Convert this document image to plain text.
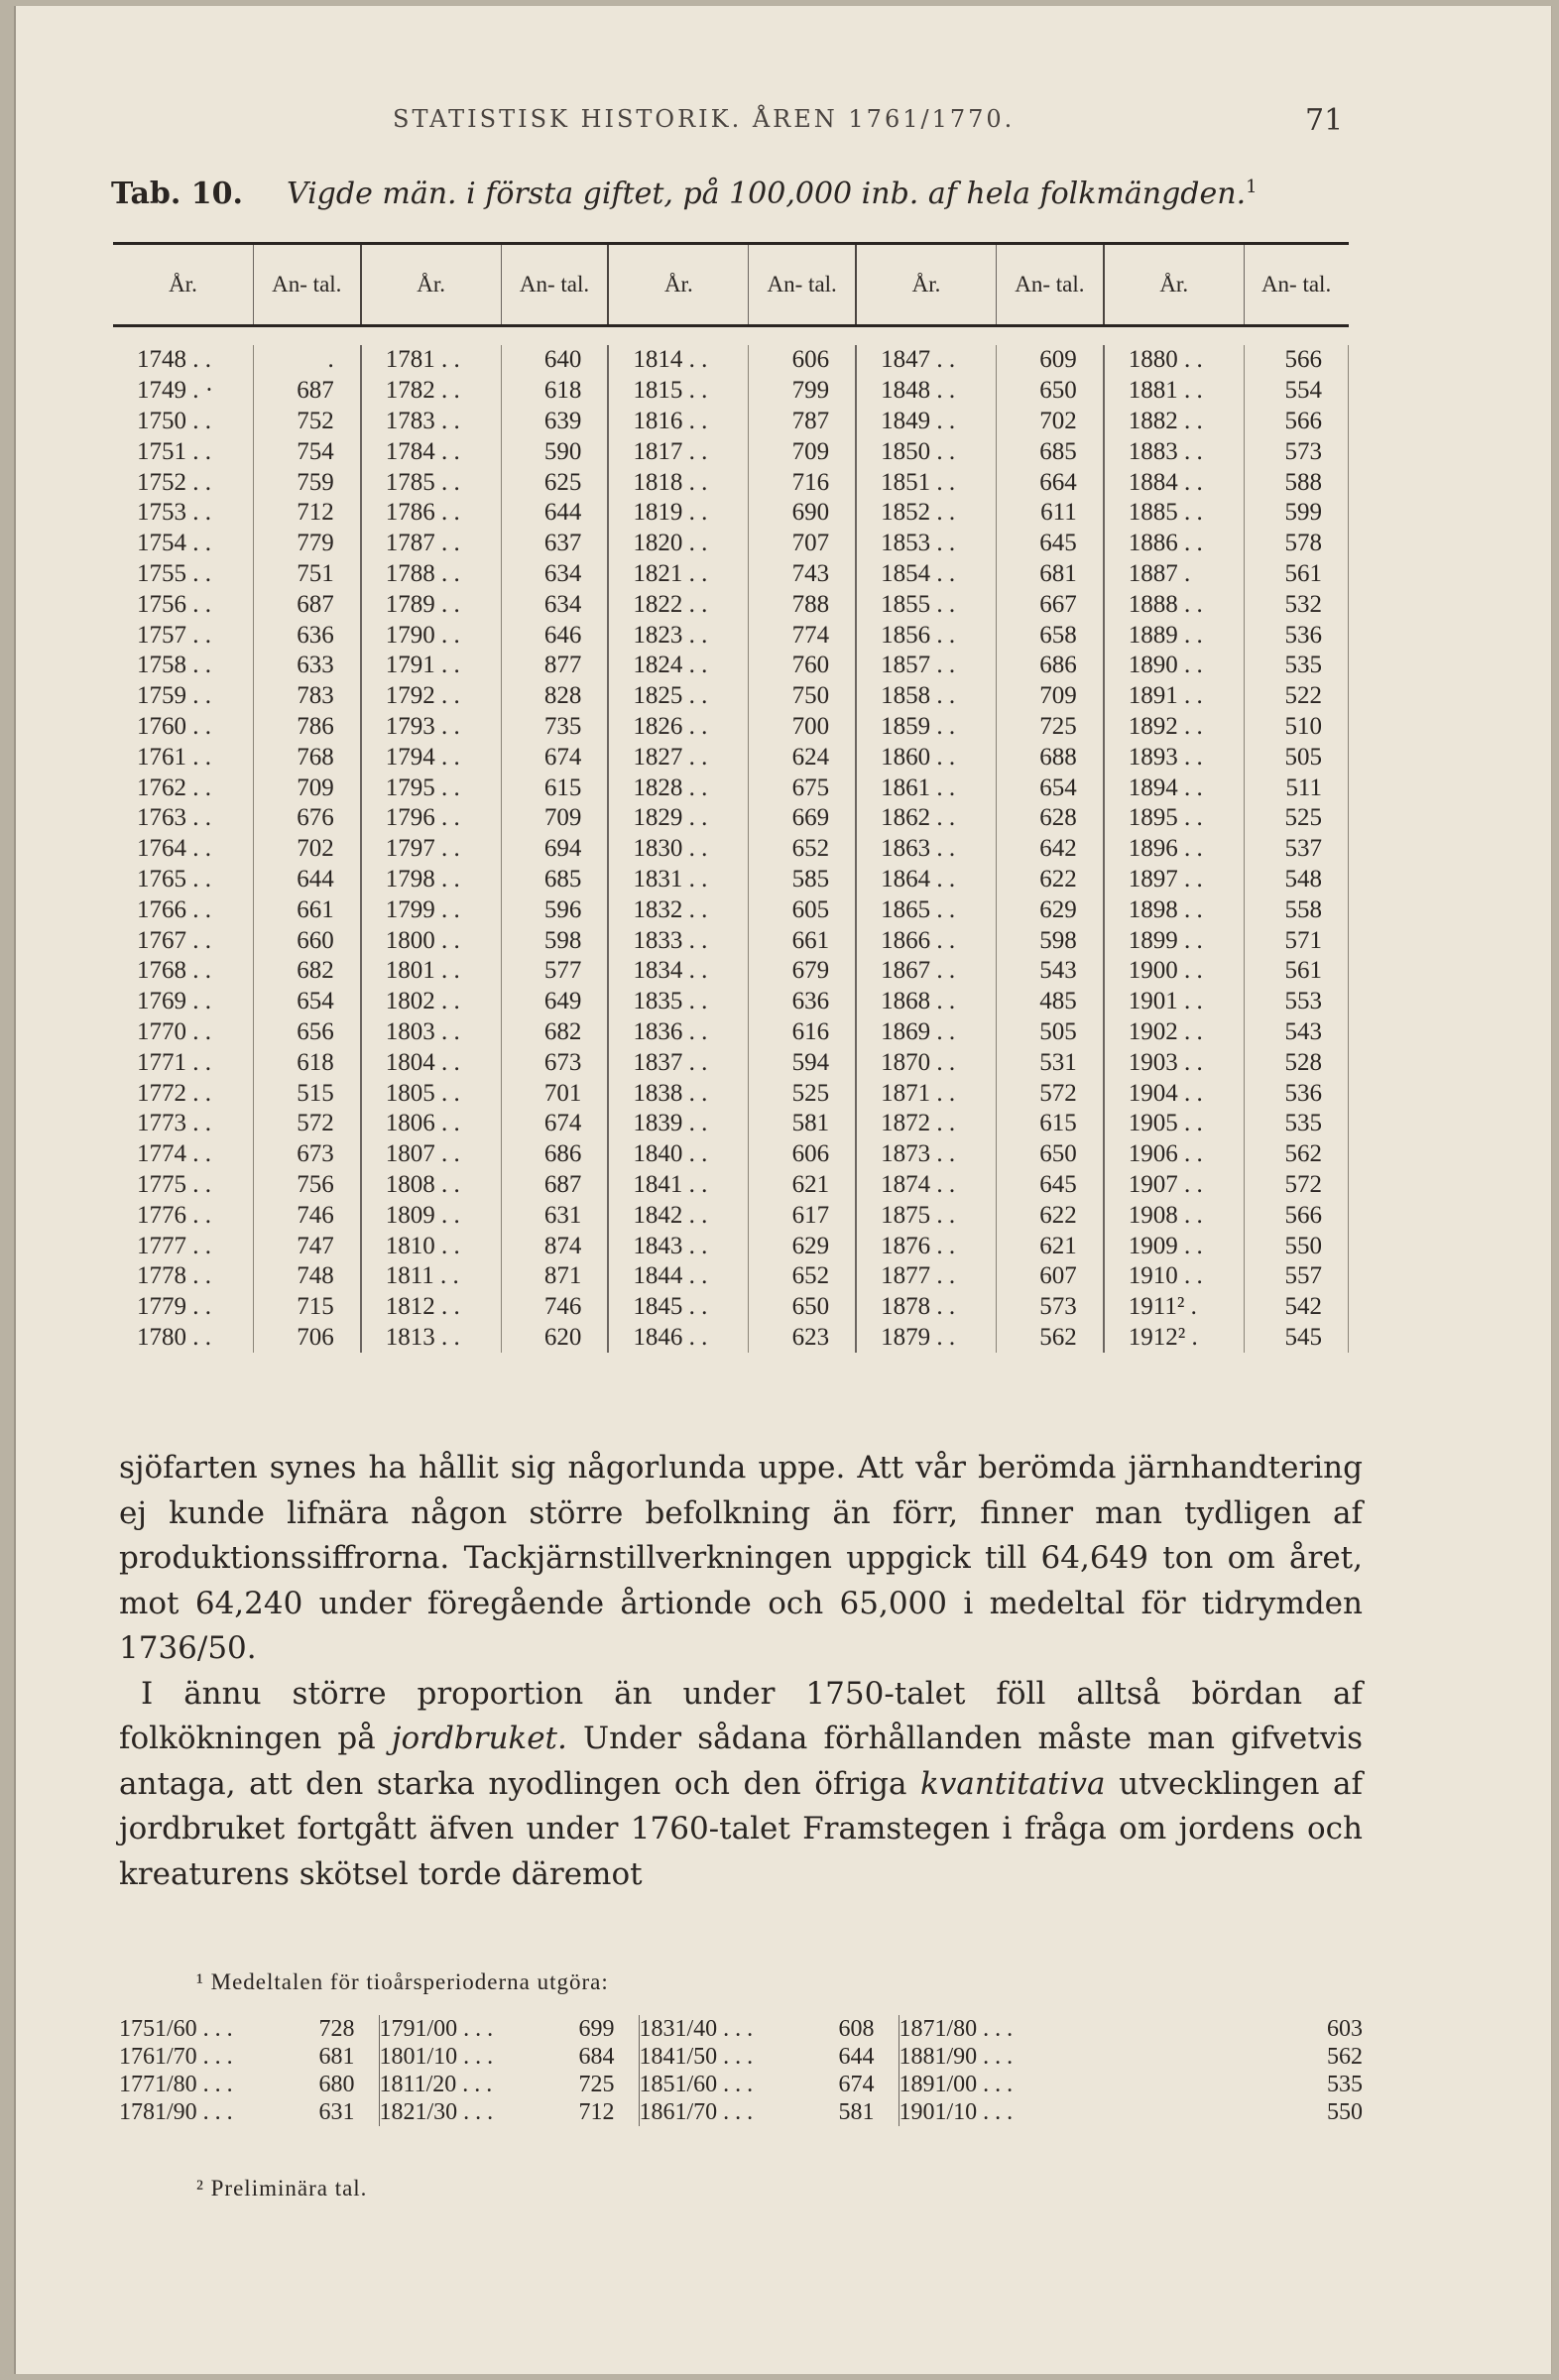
STATISTISK HISTORIK. ÅREN 1761/1770.	71
Tab. 10. Vigde män. i första giftet, på 100,000 inb. af hela folkmängden.$^1$
År.	An- tal.	År.	An- tal.	År.	An- tal.	År.	An- tal.	År.	An- tal.

1748 . .	.	1781 . .	640	1814 . .	606	1847 . .	609	1880 . .	566
1749 . ·	687	1782 . .	618	1815 . .	799	1848 . .	650	1881 . .	554
1750 . .	752	1783 . .	639	1816 . .	787	1849 . .	702	1882 . .	566
1751 . .	754	1784 . .	590	1817 . .	709	1850 . .	685	1883 . .	573
1752 . .	759	1785 . .	625	1818 . .	716	1851 . .	664	1884 . .	588
1753 . .	712	1786 . .	644	1819 . .	690	1852 . .	611	1885 . .	599
1754 . .	779	1787 . .	637	1820 . .	707	1853 . .	645	1886 . .	578
1755 . .	751	1788 . .	634	1821 . .	743	1854 . .	681	1887 .	561
1756 . .	687	1789 . .	634	1822 . .	788	1855 . .	667	1888 . .	532
1757 . .	636	1790 . .	646	1823 . .	774	1856 . .	658	1889 . .	536
1758 . .	633	1791 . .	877	1824 . .	760	1857 . .	686	1890 . .	535
1759 . .	783	1792 . .	828	1825 . .	750	1858 . .	709	1891 . .	522
1760 . .	786	1793 . .	735	1826 . .	700	1859 . .	725	1892 . .	510
1761 . .	768	1794 . .	674	1827 . .	624	1860 . .	688	1893 . .	505
1762 . .	709	1795 . .	615	1828 . .	675	1861 . .	654	1894 . .	511
1763 . .	676	1796 . .	709	1829 . .	669	1862 . .	628	1895 . .	525
1764 . .	702	1797 . .	694	1830 . .	652	1863 . .	642	1896 . .	537
1765 . .	644	1798 . .	685	1831 . .	585	1864 . .	622	1897 . .	548
1766 . .	661	1799 . .	596	1832 . .	605	1865 . .	629	1898 . .	558
1767 . .	660	1800 . .	598	1833 . .	661	1866 . .	598	1899 . .	571
1768 . .	682	1801 . .	577	1834 . .	679	1867 . .	543	1900 . .	561
1769 . .	654	1802 . .	649	1835 . .	636	1868 . .	485	1901 . .	553
1770 . .	656	1803 . .	682	1836 . .	616	1869 . .	505	1902 . .	543
1771 . .	618	1804 . .	673	1837 . .	594	1870 . .	531	1903 . .	528
1772 . .	515	1805 . .	701	1838 . .	525	1871 . .	572	1904 . .	536
1773 . .	572	1806 . .	674	1839 . .	581	1872 . .	615	1905 . .	535
1774 . .	673	1807 . .	686	1840 . .	606	1873 . .	650	1906 . .	562
1775 . .	756	1808 . .	687	1841 . .	621	1874 . .	645	1907 . .	572
1776 . .	746	1809 . .	631	1842 . .	617	1875 . .	622	1908 . .	566
1777 . .	747	1810 . .	874	1843 . .	629	1876 . .	621	1909 . .	550
1778 . .	748	1811 . .	871	1844 . .	652	1877 . .	607	1910 . .	557
1779 . .	715	1812 . .	746	1845 . .	650	1878 . .	573	1911² .	542
1780 . .	706	1813 . .	620	1846 . .	623	1879 . .	562	1912² .	545

sjöfarten synes ha hållit sig någorlunda uppe. Att vår berömda järnhandtering ej kunde lifnära någon större befolkning än förr, finner man tydligen af produktionssiffrorna. Tackjärnstillverkningen uppgick till 64,649 ton om året, mot 64,240 under föregående årtionde och 65,000 i medeltal för tidrymden 1736/50.

I ännu större proportion än under 1750-talet föll alltså bördan af folkökningen på jordbruket. Under sådana förhållanden måste man gifvetvis antaga, att den starka nyodlingen och den öfriga kvantitativa utvecklingen af jordbruket fortgått äfven under 1760-talet Framstegen i fråga om jordens och kreaturens skötsel torde däremot

¹ Medeltalen för tioårsperioderna utgöra:
1751/60 . . .	728	1791/00 . . .	699	1831/40 . . .	608	1871/80 . . .	603
1761/70 . . .	681	1801/10 . . .	684	1841/50 . . .	644	1881/90 . . .	562
1771/80 . . .	680	1811/20 . . .	725	1851/60 . . .	674	1891/00 . . .	535
1781/90 . . .	631	1821/30 . . .	712	1861/70 . . .	581	1901/10 . . .	550
² Preliminära tal.
